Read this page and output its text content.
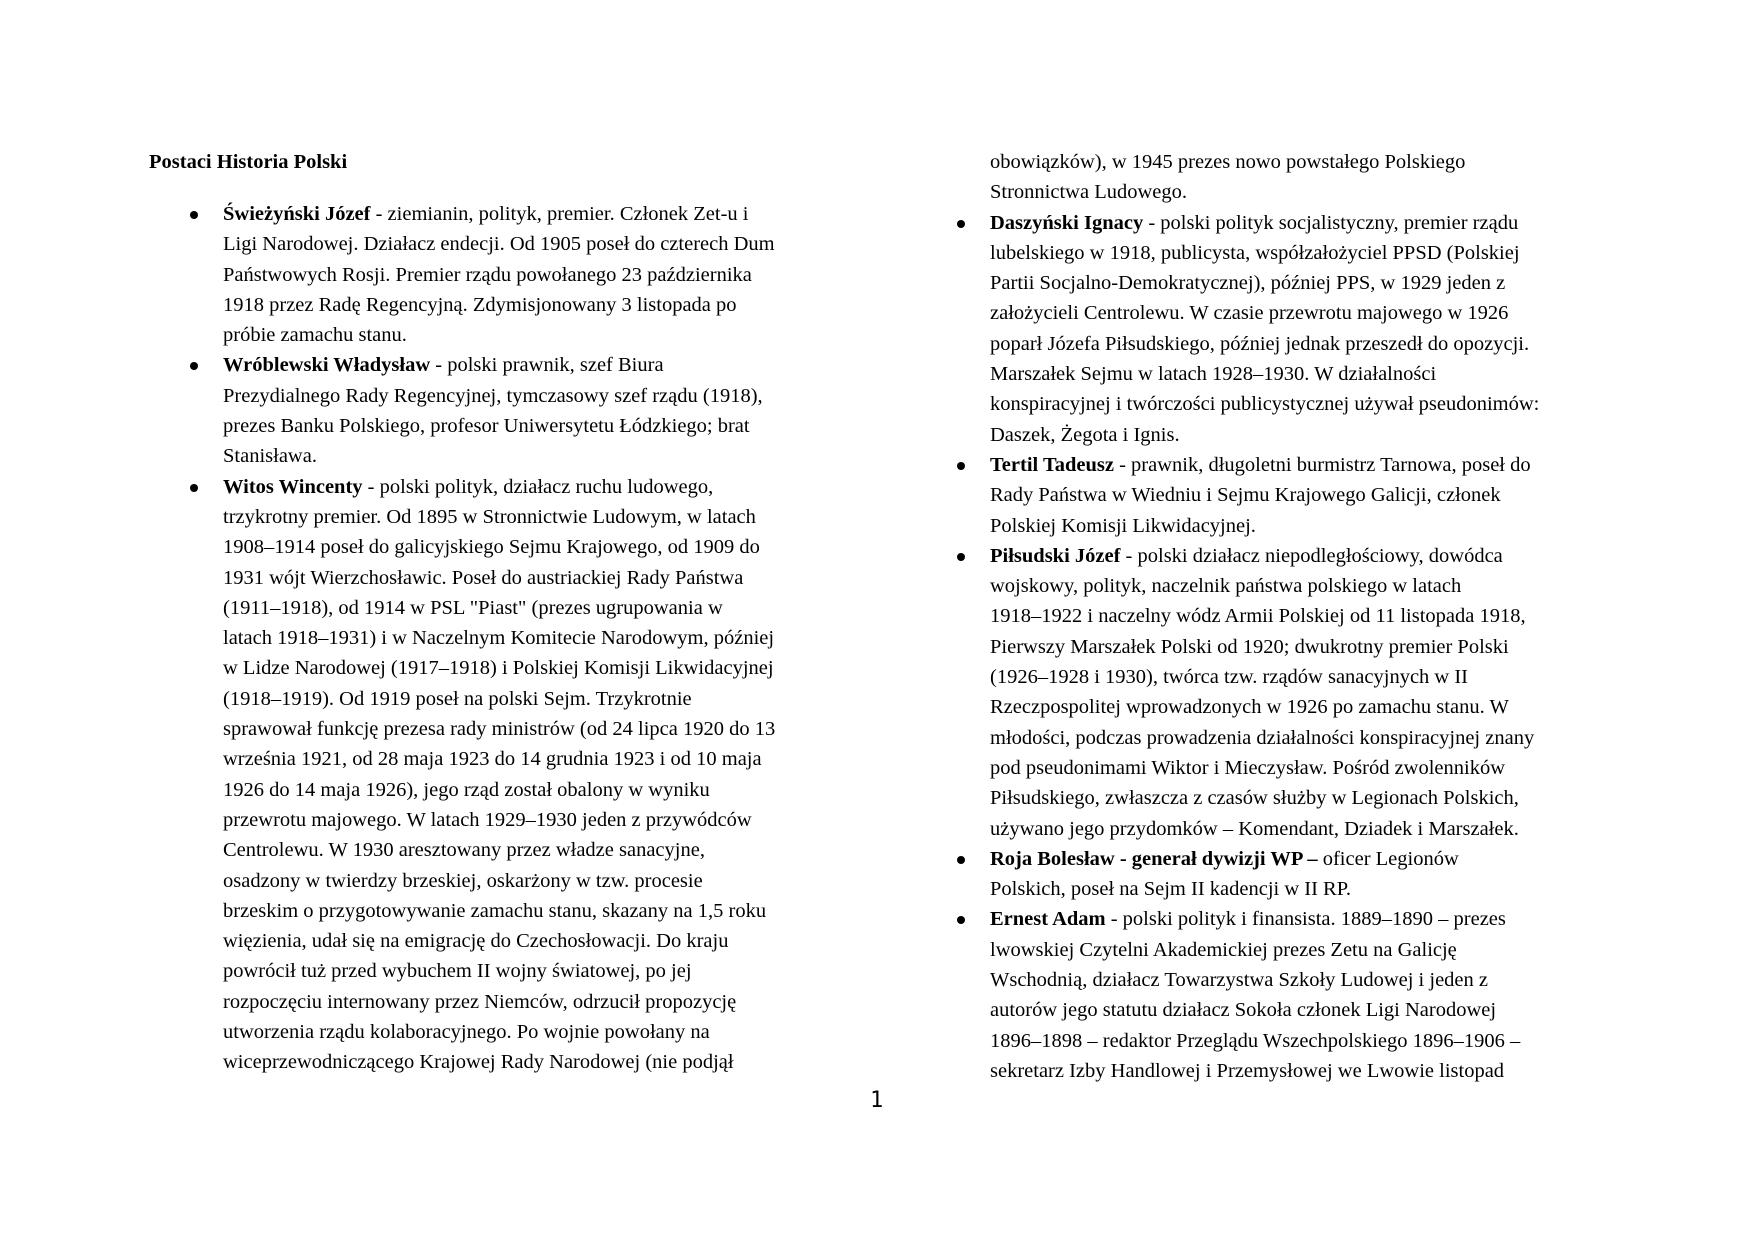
Postaci Historia Polski
Świeżyński Józef - ziemianin, polityk, premier. Członek Zet-u i
Ligi Narodowej. Działacz endecji. Od 1905 poseł do czterech Dum
Państwowych Rosji. Premier rządu powołanego 23 października
1918 przez Radę Regencyjną. Zdymisjonowany 3 listopada po
próbie zamachu stanu.
Wróblewski Władysław - polski prawnik, szef Biura
Prezydialnego Rady Regencyjnej, tymczasowy szef rządu (1918),
prezes Banku Polskiego, profesor Uniwersytetu Łódzkiego; brat
Stanisława.
Witos Wincenty - polski polityk, działacz ruchu ludowego,
trzykrotny premier. Od 1895 w Stronnictwie Ludowym, w latach
1908–1914 poseł do galicyjskiego Sejmu Krajowego, od 1909 do
1931 wójt Wierzchosławic. Poseł do austriackiej Rady Państwa
(1911–1918), od 1914 w PSL "Piast" (prezes ugrupowania w
latach 1918–1931) i w Naczelnym Komitecie Narodowym, później
w Lidze Narodowej (1917–1918) i Polskiej Komisji Likwidacyjnej
(1918–1919). Od 1919 poseł na polski Sejm. Trzykrotnie
sprawował funkcję prezesa rady ministrów (od 24 lipca 1920 do 13
września 1921, od 28 maja 1923 do 14 grudnia 1923 i od 10 maja
1926 do 14 maja 1926), jego rząd został obalony w wyniku
przewrotu majowego. W latach 1929–1930 jeden z przywódców
Centrolewu. W 1930 aresztowany przez władze sanacyjne,
osadzony w twierdzy brzeskiej, oskarżony w tzw. procesie
brzeskim o przygotowywanie zamachu stanu, skazany na 1,5 roku
więzienia, udał się na emigrację do Czechosłowacji. Do kraju
powrócił tuż przed wybuchem II wojny światowej, po jej
rozpoczęciu internowany przez Niemców, odrzucił propozycję
utworzenia rządu kolaboracyjnego. Po wojnie powołany na
wiceprzewodniczącego Krajowej Rady Narodowej (nie podjął
obowiązków), w 1945 prezes nowo powstałego Polskiego
Stronnictwa Ludowego.
Daszyński Ignacy - polski polityk socjalistyczny, premier rządu
lubelskiego w 1918, publicysta, współzałożyciel PPSD (Polskiej
Partii Socjalno-Demokratycznej), później PPS, w 1929 jeden z
założycieli Centrolewu. W czasie przewrotu majowego w 1926
poparł Józefa Piłsudskiego, później jednak przeszedł do opozycji.
Marszałek Sejmu w latach 1928–1930. W działalności
konspiracyjnej i twórczości publicystycznej używał pseudonimów:
Daszek, Żegota i Ignis.
Tertil Tadeusz - prawnik, długoletni burmistrz Tarnowa, poseł do
Rady Państwa w Wiedniu i Sejmu Krajowego Galicji, członek
Polskiej Komisji Likwidacyjnej.
Piłsudski Józef - polski działacz niepodległościowy, dowódca
wojskowy, polityk, naczelnik państwa polskiego w latach
1918–1922 i naczelny wódz Armii Polskiej od 11 listopada 1918,
Pierwszy Marszałek Polski od 1920; dwukrotny premier Polski
(1926–1928 i 1930), twórca tzw. rządów sanacyjnych w II
Rzeczpospolitej wprowadzonych w 1926 po zamachu stanu. W
młodości, podczas prowadzenia działalności konspiracyjnej znany
pod pseudonimami Wiktor i Mieczysław. Pośród zwolenników
Piłsudskiego, zwłaszcza z czasów służby w Legionach Polskich,
używano jego przydomków – Komendant, Dziadek i Marszałek.
Roja Bolesław - generał dywizji WP – oficer Legionów
Polskich, poseł na Sejm II kadencji w II RP.
Ernest Adam - polski polityk i finansista. 1889–1890 – prezes
lwowskiej Czytelni Akademickiej prezes Zetu na Galicję
Wschodnią, działacz Towarzystwa Szkoły Ludowej i jeden z
autorów jego statutu działacz Sokoła członek Ligi Narodowej
1896–1898 – redaktor Przeglądu Wszechpolskiego 1896–1906 –
sekretarz Izby Handlowej i Przemysłowej we Lwowie listopad
1
